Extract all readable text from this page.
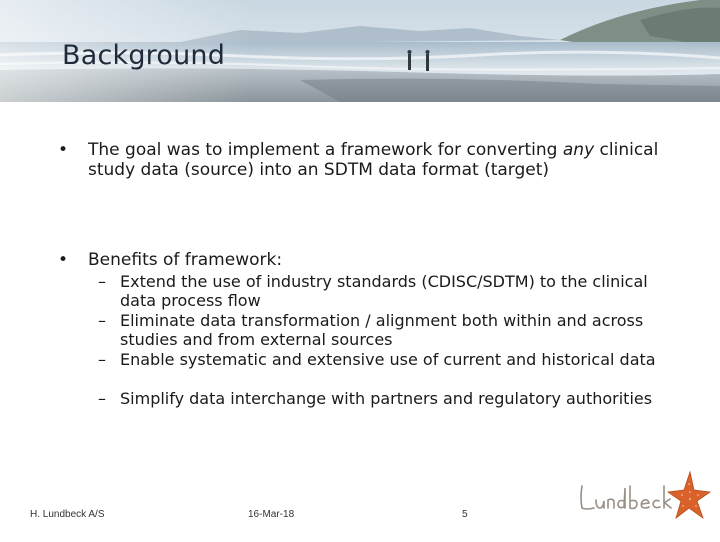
Background
•	The goal was to implement a framework for converting any clinical study data (source) into an SDTM data format (target)
•	Benefits of framework:
– Extend the use of industry standards (CDISC/SDTM) to the clinical data process flow
– Eliminate data transformation / alignment both within and across studies and from external sources
– Enable systematic and extensive use of current and historical data
– Simplify data interchange with partners and regulatory authorities
H. Lundbeck A/S	16-Mar-18	5
